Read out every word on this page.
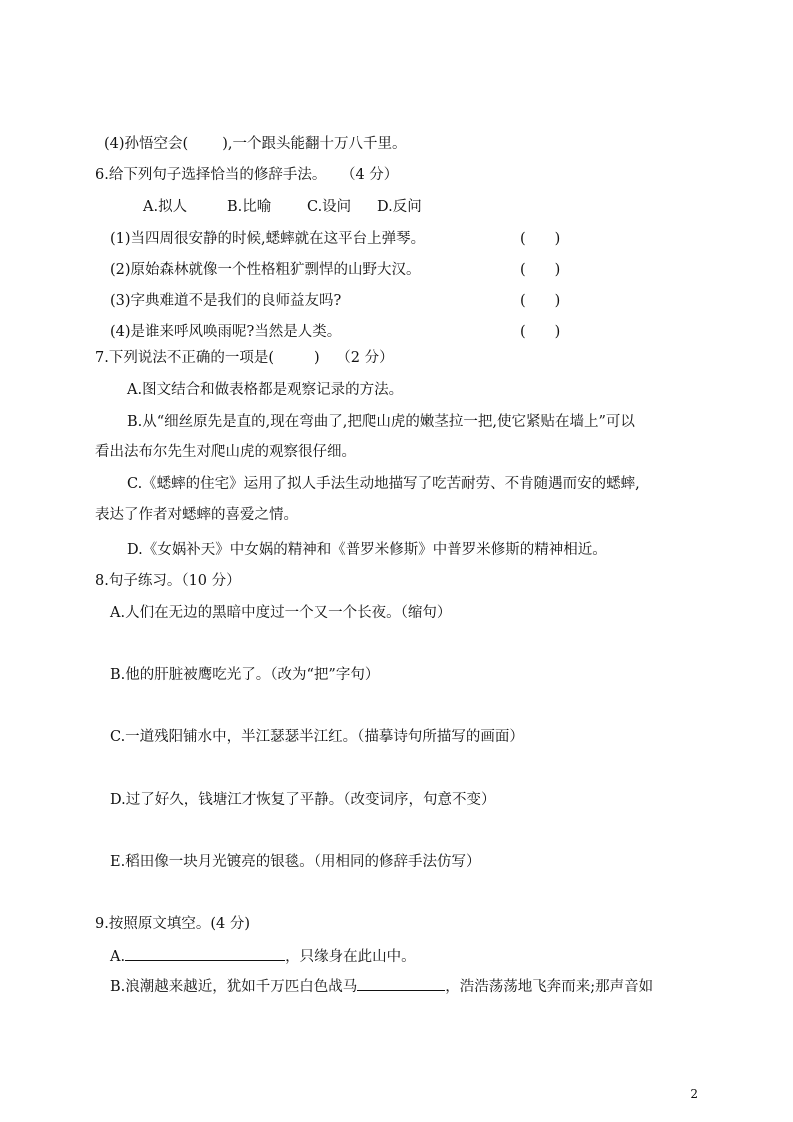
(4)孙悟空会( ),一个跟头能翻十万八千里。
6.给下列句子选择恰当的修辞手法。 （4 分）
A.拟人	B.比喻 C.设问 D.反问
(1)当四周很安静的时候,蟋蟀就在这平台上弹琴。	(　　)
(2)原始森林就像一个性格粗犷剽悍的山野大汉。	(　　)
(3)字典难道不是我们的良师益友吗?	(　　)
(4)是谁来呼风唤雨呢?当然是人类。	(　　)
7.下列说法不正确的一项是(	) （2 分）
A.图文结合和做表格都是观察记录的方法。
B.从“细丝原先是直的,现在弯曲了,把爬山虎的嫩茎拉一把,使它紧贴在墙上”可以
看出法布尔先生对爬山虎的观察很仔细。
C.《蟋蟀的住宅》运用了拟人手法生动地描写了吃苦耐劳、不肯随遇而安的蟋蟀,
表达了作者对蟋蟀的喜爱之情。
D.《女娲补天》中女娲的精神和《普罗米修斯》中普罗米修斯的精神相近。
8.句子练习。（10 分）
A.人们在无边的黑暗中度过一个又一个长夜。（缩句）
B.他的肝脏被鹰吃光了。（改为“把”字句）
C.一道残阳铺水中，半江瑟瑟半江红。（描摹诗句所描写的画面）
D.过了好久，钱塘江才恢复了平静。（改变词序，句意不变）
E.稻田像一块月光镀亮的银毯。（用相同的修辞手法仿写）
9.按照原文填空。(4 分)
A.	，只缘身在此山中。
B.浪潮越来越近，犹如千万匹白色战马	，浩浩荡荡地飞奔而来;那声音如
2
